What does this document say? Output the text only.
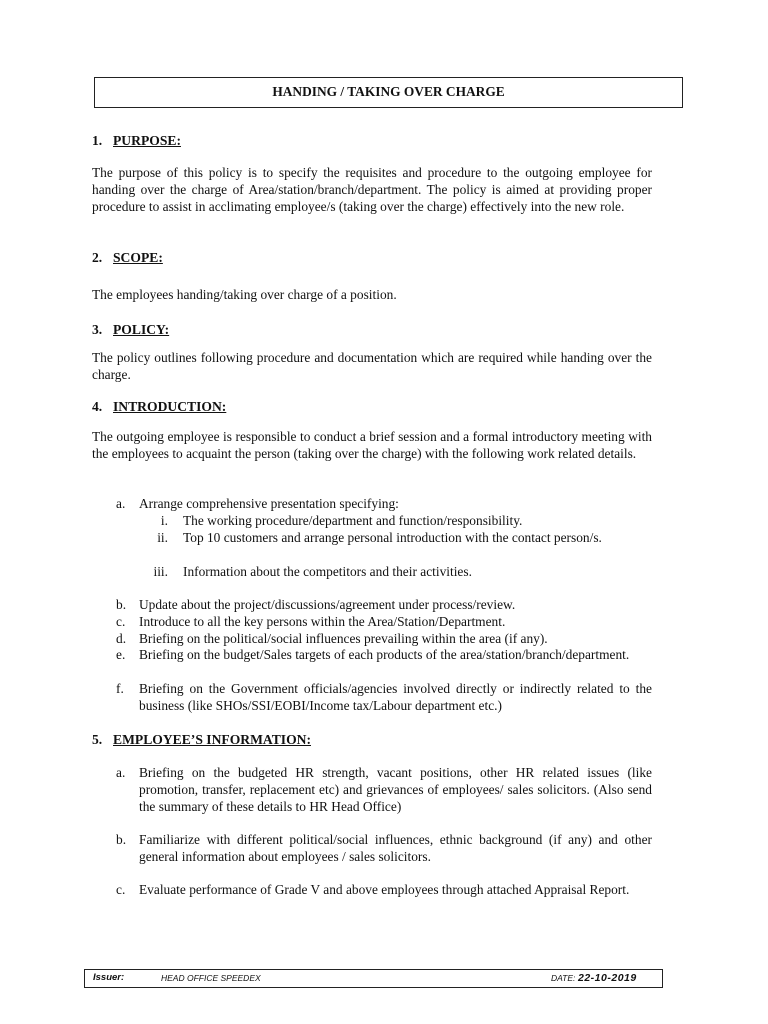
HANDING / TAKING OVER CHARGE
1. PURPOSE:
The purpose of this policy is to specify the requisites and procedure to the outgoing employee for handing over the charge of Area/station/branch/department. The policy is aimed at providing proper procedure to assist in acclimating employee/s (taking over the charge) effectively into the new role.
2. SCOPE:
The employees handing/taking over charge of a position.
3. POLICY:
The policy outlines following procedure and documentation which are required while handing over the charge.
4. INTRODUCTION:
The outgoing employee is responsible to conduct a brief session and a formal introductory meeting with the employees to acquaint the person (taking over the charge) with the following work related details.
a. Arrange comprehensive presentation specifying:
i. The working procedure/department and function/responsibility.
ii. Top 10 customers and arrange personal introduction with the contact person/s.
iii. Information about the competitors and their activities.
b. Update about the project/discussions/agreement under process/review.
c. Introduce to all the key persons within the Area/Station/Department.
d. Briefing on the political/social influences prevailing within the area (if any).
e. Briefing on the budget/Sales targets of each products of the area/station/branch/department.
f. Briefing on the Government officials/agencies involved directly or indirectly related to the business (like SHOs/SSI/EOBI/Income tax/Labour department etc.)
5. EMPLOYEE’S INFORMATION:
a. Briefing on the budgeted HR strength, vacant positions, other HR related issues (like promotion, transfer, replacement etc) and grievances of employees/ sales solicitors. (Also send the summary of these details to HR Head Office)
b. Familiarize with different political/social influences, ethnic background (if any) and other general information about employees / sales solicitors.
c. Evaluate performance of Grade V and above employees through attached Appraisal Report.
Issuer:	HEAD OFFICE SPEEDEX	DATE: 22-10-2019
